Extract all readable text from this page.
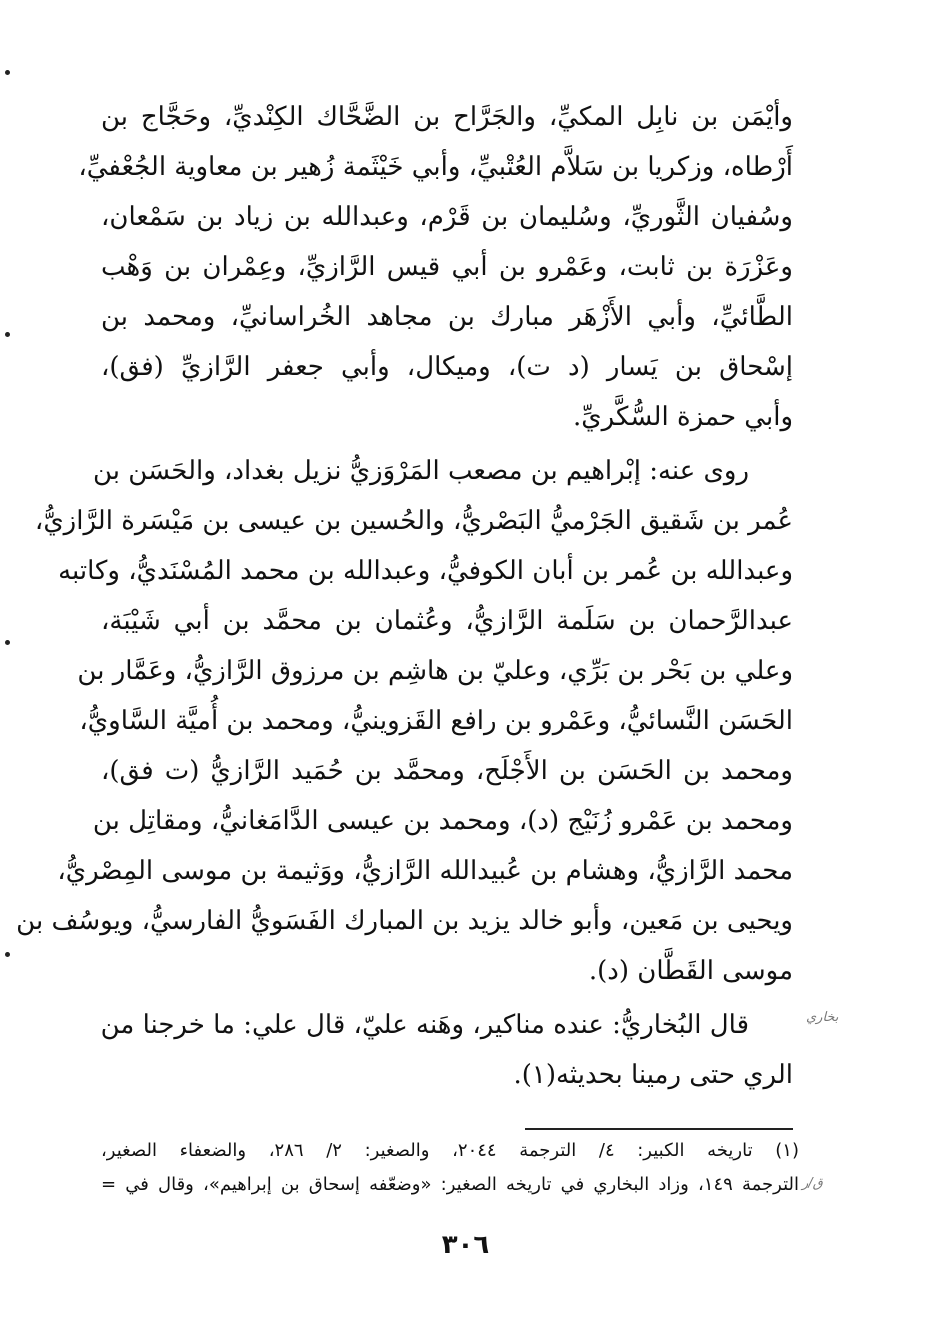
وأيْمَن بن نابِل المكيِّ، والجَرَّاح بن الضَّحَّاك الكِنْديِّ، وحَجَّاج بن
أَرْطاه، وزكريا بن سَلاَّم العُتْبيِّ، وأبي خَيْثَمة زُهير بن معاوية الجُعْفيِّ،
وسُفيان الثَّوريِّ، وسُليمان بن قَرْم، وعبدالله بن زياد بن سَمْعان،
وعَزْرَة بن ثابت، وعَمْرو بن أبي قيس الرَّازيِّ، وعِمْران بن وَهْب
الطَّائيِّ، وأبي الأَزْهَر مبارك بن مجاهد الخُراسانيِّ، ومحمد بن
إسْحاق بن يَسار (د ت)، وميكال، وأبي جعفر الرَّازيِّ (فق)،
وأبي حمزة السُّكَّريِّ.
روى عنه: إبْراهيم بن مصعب المَرْوَزيُّ نزيل بغداد، والحَسَن بن
عُمر بن شَقيق الجَرْميُّ البَصْريُّ، والحُسين بن عيسى بن مَيْسَرة الرَّازيُّ،
وعبدالله بن عُمر بن أبان الكوفيُّ، وعبدالله بن محمد المُسْنَديُّ، وكاتبه
عبدالرَّحمان بن سَلَمة الرَّازيُّ، وعُثمان بن محمَّد بن أبي شَيْبَة،
وعلي بن بَحْر بن بَرِّي، وعليّ بن هاشِم بن مرزوق الرَّازيُّ، وعَمَّار بن
الحَسَن النَّسائيُّ، وعَمْرو بن رافع القَزوينيُّ، ومحمد بن أُميَّة السَّاويُّ،
ومحمد بن الحَسَن بن الأَجْلَح، ومحمَّد بن حُمَيد الرَّازيُّ (ت فق)،
ومحمد بن عَمْرو زُنَيْج (د)، ومحمد بن عيسى الدَّامَغانيُّ، ومقاتِل بن
محمد الرَّازيُّ، وهشام بن عُبيدالله الرَّازيُّ، ووَثيمة بن موسى المِصْريُّ،
ويحيى بن مَعين، وأبو خالد يزيد بن المبارك الفَسَويُّ الفارسيُّ، ويوسُف بن
موسى القَطَّان (د).
قال البُخاريُّ: عنده مناكير، وهَنه عليّ، قال علي: ما خرجنا من
الري حتى رمينا بحديثه(١).
بخاري
(١) تاريخه الكبير: ٤/ الترجمة ٢٠٤٤، والصغير: ٢/ ٢٨٦، والضعفاء الصغير،
الترجمة ١٤٩، وزاد البخاري في تاريخه الصغير: «وضعّفه إسحاق بن إبراهيم»، وقال في = ق/ر
٣٠٦
